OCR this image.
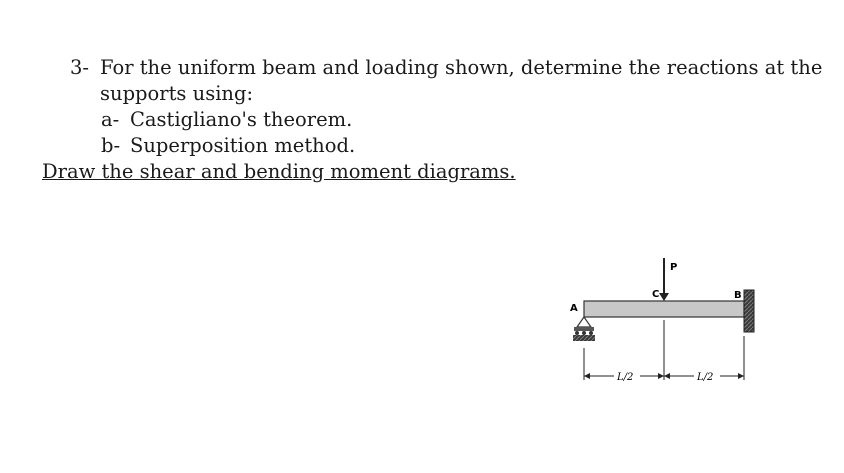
3- For the uniform beam and loading shown, determine the reactions at the
supports using:
a- Castigliano's theorem.
b- Superposition method.
Draw the shear and bending moment diagrams.
A
C
P
B
L/2	L/2
